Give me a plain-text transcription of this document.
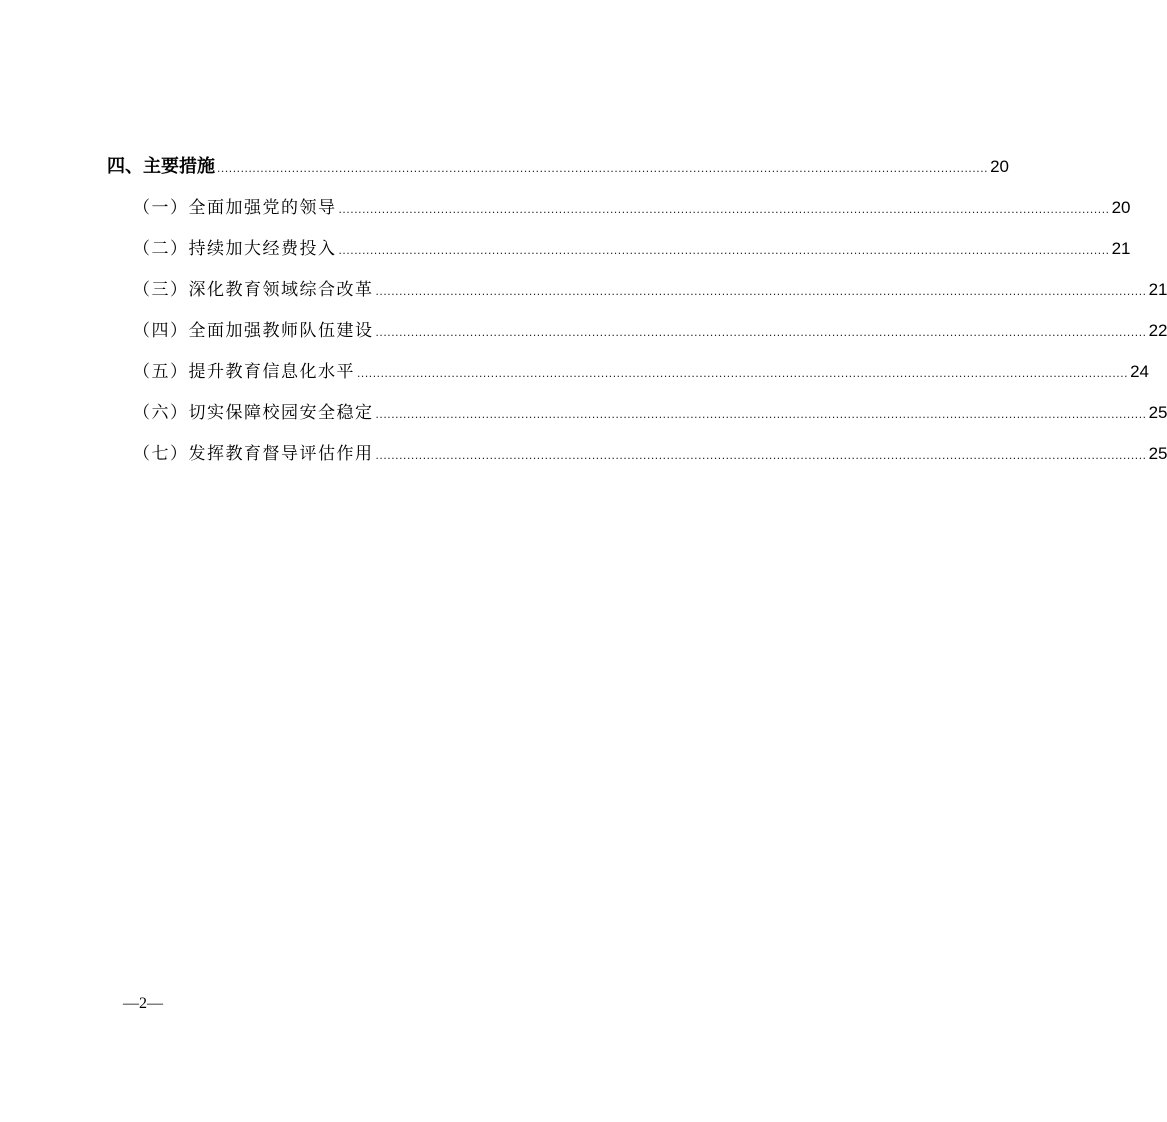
四、主要措施 .................................................................................................................................................................................................... 20
（一）全面加强党的领导 .................................................................................................................................................................................................... 20
（二）持续加大经费投入 .................................................................................................................................................................................................... 21
（三）深化教育领域综合改革 .................................................................................................................................................................................................... 21
（四）全面加强教师队伍建设 .................................................................................................................................................................................................... 22
（五）提升教育信息化水平 .................................................................................................................................................................................................... 24
（六）切实保障校园安全稳定 .................................................................................................................................................................................................... 25
（七）发挥教育督导评估作用 .................................................................................................................................................................................................... 25
—2—
